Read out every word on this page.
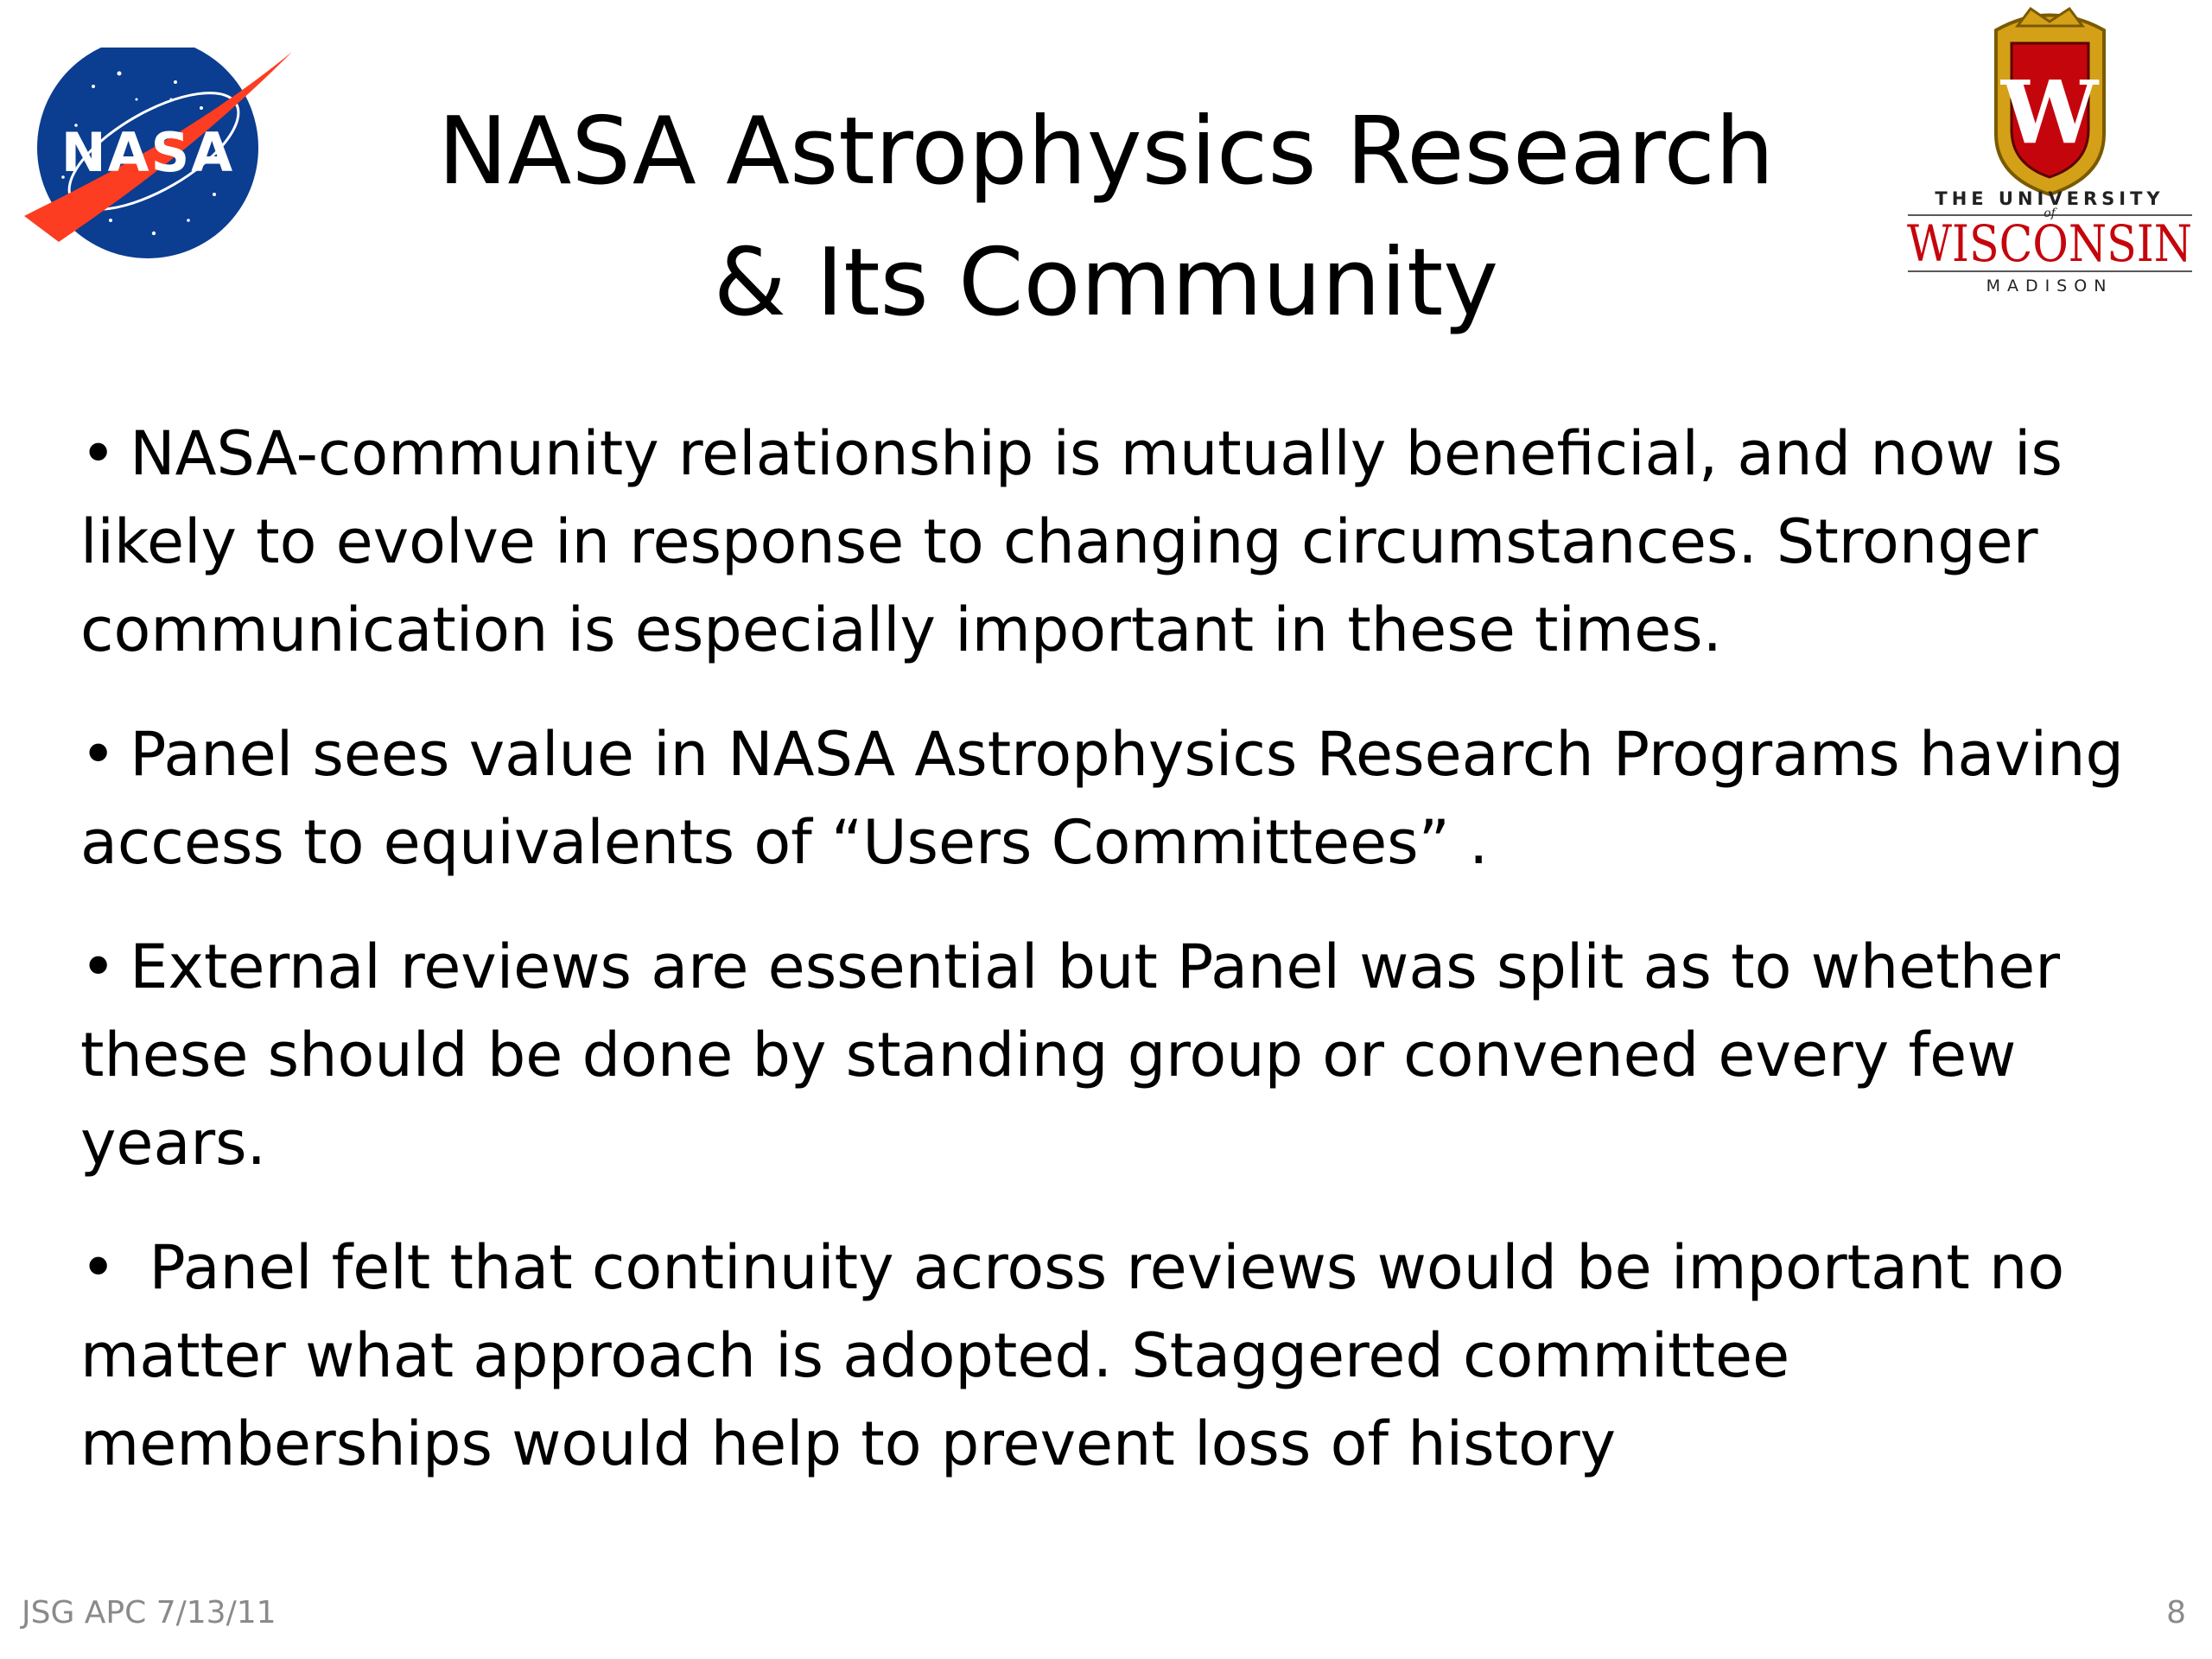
NASA	NASA Astrophysics Research
& Its Community
W
THE UNIVERSITY
of
WISCONSIN
MADISON

• NASA-community relationship is mutually beneficial, and now is likely to evolve in response to changing circumstances. Stronger communication is especially important in these times.

• Panel sees value in NASA Astrophysics Research Programs having access to equivalents of “Users Committees” .

• External reviews are essential but Panel was split as to whether these should be done by standing group or convened every few years.

• Panel felt that continuity across reviews would be important no matter what approach is adopted. Staggered committee memberships would help to prevent loss of history

JSG APC 7/13/11	8
